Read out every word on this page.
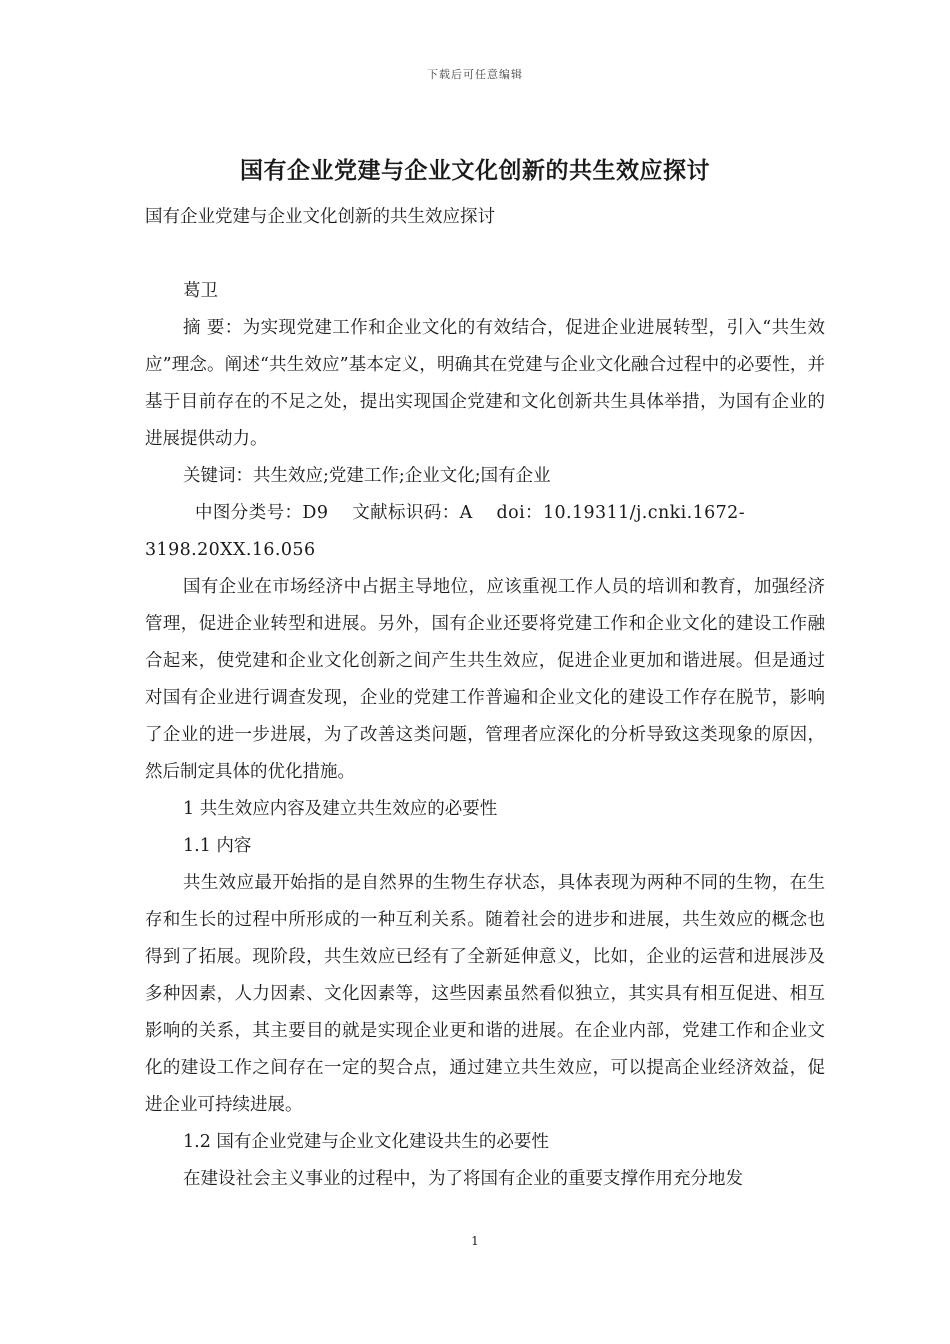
下载后可任意编辑
国有企业党建与企业文化创新的共生效应探讨

国有企业党建与企业文化创新的共生效应探讨

葛卫

摘 要：为实现党建工作和企业文化的有效结合，促进企业进展转型，引入“共生效应”理念。阐述“共生效应”基本定义，明确其在党建与企业文化融合过程中的必要性，并基于目前存在的不足之处，提出实现国企党建和文化创新共生具体举措，为国有企业的进展提供动力。

关键词：共生效应;党建工作;企业文化;国有企业

中图分类号：D9　 文献标识码：A　 doi：10.19311/j.cnki.1672-3198.20XX.16.056

国有企业在市场经济中占据主导地位，应该重视工作人员的培训和教育，加强经济管理，促进企业转型和进展。另外，国有企业还要将党建工作和企业文化的建设工作融合起来，使党建和企业文化创新之间产生共生效应，促进企业更加和谐进展。但是通过对国有企业进行调查发现，企业的党建工作普遍和企业文化的建设工作存在脱节，影响了企业的进一步进展，为了改善这类问题，管理者应深化的分析导致这类现象的原因，然后制定具体的优化措施。

1 共生效应内容及建立共生效应的必要性

1.1 内容

共生效应最开始指的是自然界的生物生存状态，具体表现为两种不同的生物，在生存和生长的过程中所形成的一种互利关系。随着社会的进步和进展，共生效应的概念也得到了拓展。现阶段，共生效应已经有了全新延伸意义，比如，企业的运营和进展涉及多种因素，人力因素、文化因素等，这些因素虽然看似独立，其实具有相互促进、相互影响的关系，其主要目的就是实现企业更和谐的进展。在企业内部，党建工作和企业文化的建设工作之间存在一定的契合点，通过建立共生效应，可以提高企业经济效益，促进企业可持续进展。

1.2 国有企业党建与企业文化建设共生的必要性

在建设社会主义事业的过程中，为了将国有企业的重要支撑作用充分地发

1
